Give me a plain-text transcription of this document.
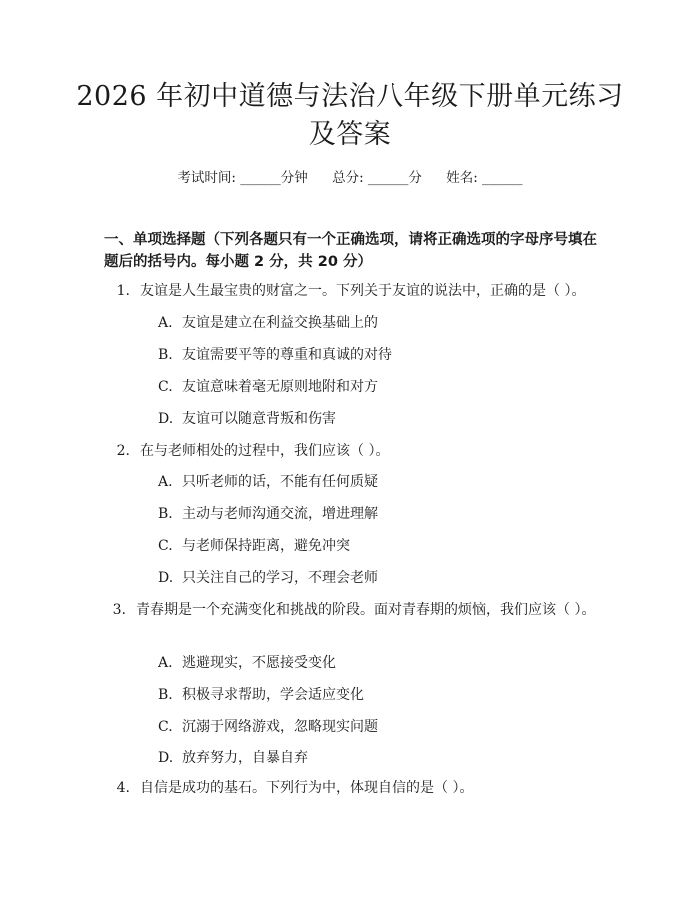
2026 年初中道德与法治八年级下册单元练习
及答案
考试时间: ______分钟 总分: ______分 姓名: ______
一、单项选择题（下列各题只有一个正确选项，请将正确选项的字母序号填在题后的括号内。每小题 2 分，共 20 分）
1. 友谊是人生最宝贵的财富之一。下列关于友谊的说法中，正确的是（ ）。
A. 友谊是建立在利益交换基础上的
B. 友谊需要平等的尊重和真诚的对待
C. 友谊意味着毫无原则地附和对方
D. 友谊可以随意背叛和伤害
2. 在与老师相处的过程中，我们应该（ ）。
A. 只听老师的话，不能有任何质疑
B. 主动与老师沟通交流，增进理解
C. 与老师保持距离，避免冲突
D. 只关注自己的学习，不理会老师
3. 青春期是一个充满变化和挑战的阶段。面对青春期的烦恼，我们应该（ ）。
A. 逃避现实，不愿接受变化
B. 积极寻求帮助，学会适应变化
C. 沉溺于网络游戏，忽略现实问题
D. 放弃努力，自暴自弃
4. 自信是成功的基石。下列行为中，体现自信的是（ ）。
